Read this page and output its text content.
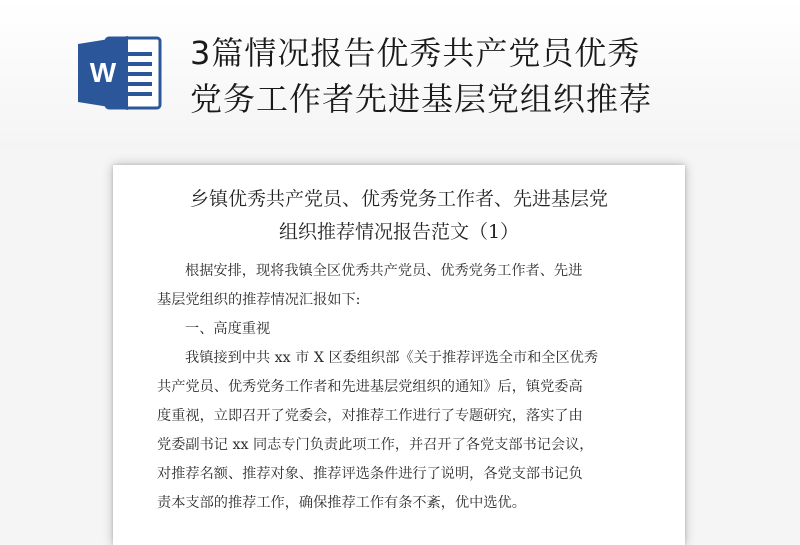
W
3篇情况报告优秀共产党员优秀
党务工作者先进基层党组织推荐
乡镇优秀共产党员、优秀党务工作者、先进基层党
组织推荐情况报告范文（1）
根据安排，现将我镇全区优秀共产党员、优秀党务工作者、先进
基层党组织的推荐情况汇报如下:
一、高度重视
我镇接到中共 xx 市 X 区委组织部《关于推荐评选全市和全区优秀
共产党员、优秀党务工作者和先进基层党组织的通知》后，镇党委高
度重视，立即召开了党委会，对推荐工作进行了专题研究，落实了由
党委副书记 xx 同志专门负责此项工作，并召开了各党支部书记会议，
对推荐名额、推荐对象、推荐评选条件进行了说明，各党支部书记负
责本支部的推荐工作，确保推荐工作有条不紊，优中选优。
